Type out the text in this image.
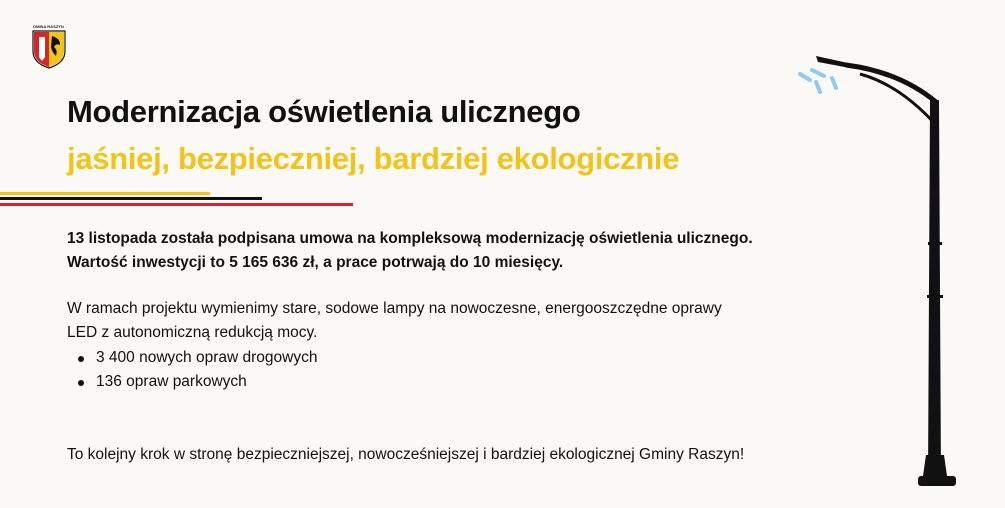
GMINA RASZYN
Modernizacja oświetlenia ulicznego
jaśniej, bezpieczniej, bardziej ekologicznie

13 listopada została podpisana umowa na kompleksową modernizację oświetlenia ulicznego.
Wartość inwestycji to 5 165 636 zł, a prace potrwają do 10 miesięcy.

W ramach projektu wymienimy stare, sodowe lampy na nowoczesne, energooszczędne oprawy
LED z autonomiczną redukcją mocy.

3 400 nowych opraw drogowych
136 opraw parkowych

To kolejny krok w stronę bezpieczniejszej, nowocześniejszej i bardziej ekologicznej Gminy Raszyn!
